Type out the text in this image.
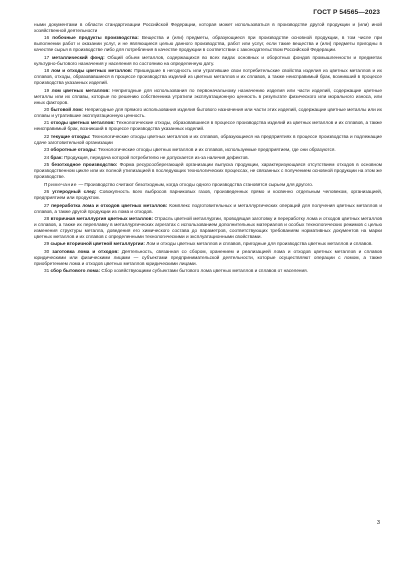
ГОСТ Р 54565—2023

ными документами в области стандартизации Российской Федерации, которая может использоваться в производстве другой продукции и (или) иной хозяйственной деятельности

16 побочные продукты производства: Вещества и (или) предметы, образующиеся при производстве основной продукции, в том числе при выполнении работ и оказании услуг, и не являющиеся целью данного производства, работ или услуг, если такие вещества и (или) предметы пригодны в качестве сырья в производстве либо для потребления в качестве продукции в соответствии с законодательством Российской Федерации.

17 металлический фонд: Общий объем металлов, содержащихся во всех видах основных и оборотных фондов промышленности и предметах культурно-бытового назначения у населения по состоянию на определенную дату.

18 лом и отходы цветных металлов: Пришедшие в негодность или утратившие свои потребительские свойства изделия из цветных металлов и их сплавов, отходы, образовавшиеся в процессе производства изделий из цветных металлов и их сплавов, а также неисправимый брак, возникший в процессе производства указанных изделий.

19 лом цветных металлов: Непригодные для использования по первоначальному назначению изделия или части изделий, содержащие цветные металлы или их сплавы, которые по решению собственника утратили эксплуатационную ценность в результате физического или морального износа, или иных факторов.

20 бытовой лом: Непригодные для прямого использования изделия бытового назначения или части этих изделий, содержащие цветные металлы или их сплавы и утратившие эксплуатационную ценность.

21 отходы цветных металлов: Технологические отходы, образовавшиеся в процессе производства изделий из цветных металлов и их сплавов, а также неисправимый брак, возникший в процессе производства указанных изделий.

22 текущие отходы: Технологические отходы цветных металлов и их сплавов, образующиеся на предприятиях в процессе производства и подлежащие сдаче заготовительной организации

23 оборотные отходы: Технологические отходы цветных металлов и их сплавов, используемые предприятием, где они образуются.

24 брак: Продукция, передача которой потребителю не допускается из-за наличия дефектов.

25 безотходное производство: Форма ресурсосберегающей организации выпуска продукции, характеризующаяся отсутствием отходов в основном производственном цикле или их полной утилизацией в последующих технологических процессах, не связанных с получением основной продукции на этом же производстве.

Примечание — Производство считают безотходным, когда отходы одного производства становятся сырьем для другого.

26 углеродный след: Совокупность всех выбросов парниковых газов, произведенных прямо и косвенно отдельным человеком, организацией, предприятием или продуктом.

27 переработка лома и отходов цветных металлов: Комплекс подготовительных и металлургических операций для получения цветных металлов и сплавов, а также другой продукции из лома и отходов.

28 вторичная металлургия цветных металлов: Отрасль цветной металлургии, проводящая заготовку и переработку лома и отходов цветных металлов и сплавов, а также их переплавку в металлургических агрегатах с использованием дополнительных материалов и особых технологических режимов с целью изменения структуры металла, доведения его химического состава до параметров, соответствующих требованиям нормативных документов на марки цветных металлов и их сплавов с определенными технологическими и эксплуатационными свойствами.

29 сырье вторичной цветной металлургии: Лом и отходы цветных металлов и сплавов, пригодные для производства цветных металлов и сплавов.

30 заготовка лома и отходов: Деятельность, связанная со сбором, хранением и реализацией лома и отходов цветных металлов и сплавов юридическими или физическими лицами — субъектами предпринимательской деятельности, которые осуществляют операции с ломом, а также приобретением лома и отходов цветных металлов юридическими лицами.

31 сбор бытового лома: Сбор хозяйствующими субъектами бытового лома цветных металлов и сплавов от населения.

3
